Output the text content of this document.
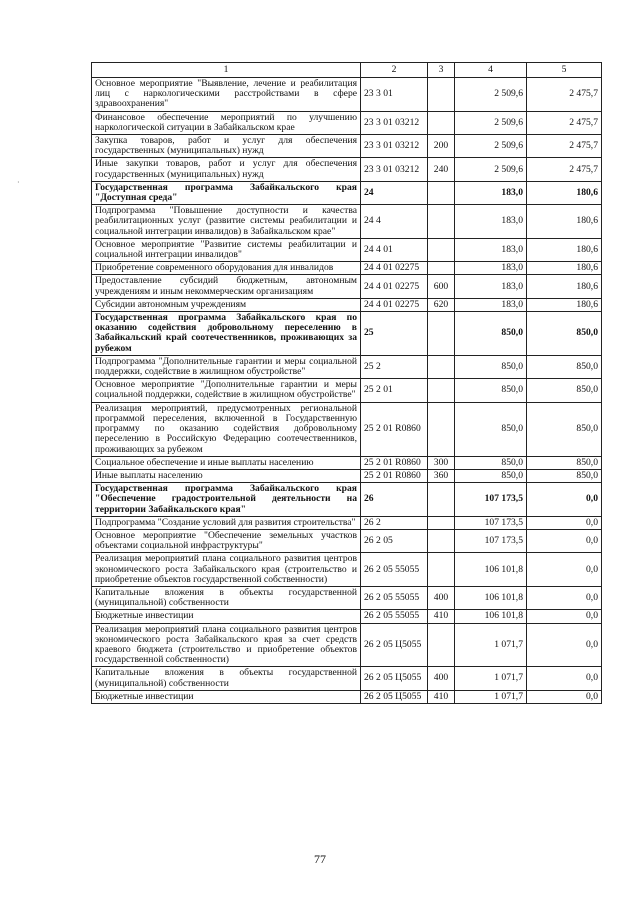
·
1	2	3	4	5
Основное мероприятие "Выявление, лечение и реабилитация лиц с наркологическими расстройствами в сфере здравоохранения"	23 3 01		2 509,6	2 475,7
Финансовое обеспечение мероприятий по улучшению наркологической ситуации в Забайкальском крае	23 3 01 03212		2 509,6	2 475,7
Закупка товаров, работ и услуг для обеспечения государственных (муниципальных) нужд	23 3 01 03212	200	2 509,6	2 475,7
Иные закупки товаров, работ и услуг для обеспечения государственных (муниципальных) нужд	23 3 01 03212	240	2 509,6	2 475,7
Государственная программа Забайкальского края "Доступная среда"	24		183,0	180,6
Подпрограмма "Повышение доступности и качества реабилитационных услуг (развитие системы реабилитации и социальной интеграции инвалидов) в Забайкальском крае"	24 4		183,0	180,6
Основное мероприятие "Развитие системы реабилитации и социальной интеграции инвалидов"	24 4 01		183,0	180,6
Приобретение современного оборудования для инвалидов	24 4 01 02275		183,0	180,6
Предоставление субсидий бюджетным, автономным учреждениям и иным некоммерческим организациям	24 4 01 02275	600	183,0	180,6
Субсидии автономным учреждениям	24 4 01 02275	620	183,0	180,6
Государственная программа Забайкальского края по оказанию содействия добровольному переселению в Забайкальский край соотечественников, проживающих за рубежом	25		850,0	850,0
Подпрограмма "Дополнительные гарантии и меры социальной поддержки, содействие в жилищном обустройстве"	25 2		850,0	850,0
Основное мероприятие "Дополнительные гарантии и меры социальной поддержки, содействие в жилищном обустройстве"	25 2 01		850,0	850,0
Реализация мероприятий, предусмотренных региональной программой переселения, включенной в Государственную программу по оказанию содействия добровольному переселению в Российскую Федерацию соотечественников, проживающих за рубежом	25 2 01 R0860		850,0	850,0
Социальное обеспечение и иные выплаты населению	25 2 01 R0860	300	850,0	850,0
Иные выплаты населению	25 2 01 R0860	360	850,0	850,0
Государственная программа Забайкальского края "Обеспечение градостроительной деятельности на территории Забайкальского края"	26		107 173,5	0,0
Подпрограмма "Создание условий для развития строительства"	26 2		107 173,5	0,0
Основное мероприятие "Обеспечение земельных участков объектами социальной инфраструктуры"	26 2 05		107 173,5	0,0
Реализация мероприятий плана социального развития центров экономического роста Забайкальского края (строительство и приобретение объектов государственной собственности)	26 2 05 55055		106 101,8	0,0
Капитальные вложения в объекты государственной (муниципальной) собственности	26 2 05 55055	400	106 101,8	0,0
Бюджетные инвестиции	26 2 05 55055	410	106 101,8	0,0
Реализация мероприятий плана социального развития центров экономического роста Забайкальского края за счет средств краевого бюджета (строительство и приобретение объектов государственной собственности)	26 2 05 Ц5055		1 071,7	0,0
Капитальные вложения в объекты государственной (муниципальной) собственности	26 2 05 Ц5055	400	1 071,7	0,0
Бюджетные инвестиции	26 2 05 Ц5055	410	1 071,7	0,0
77
